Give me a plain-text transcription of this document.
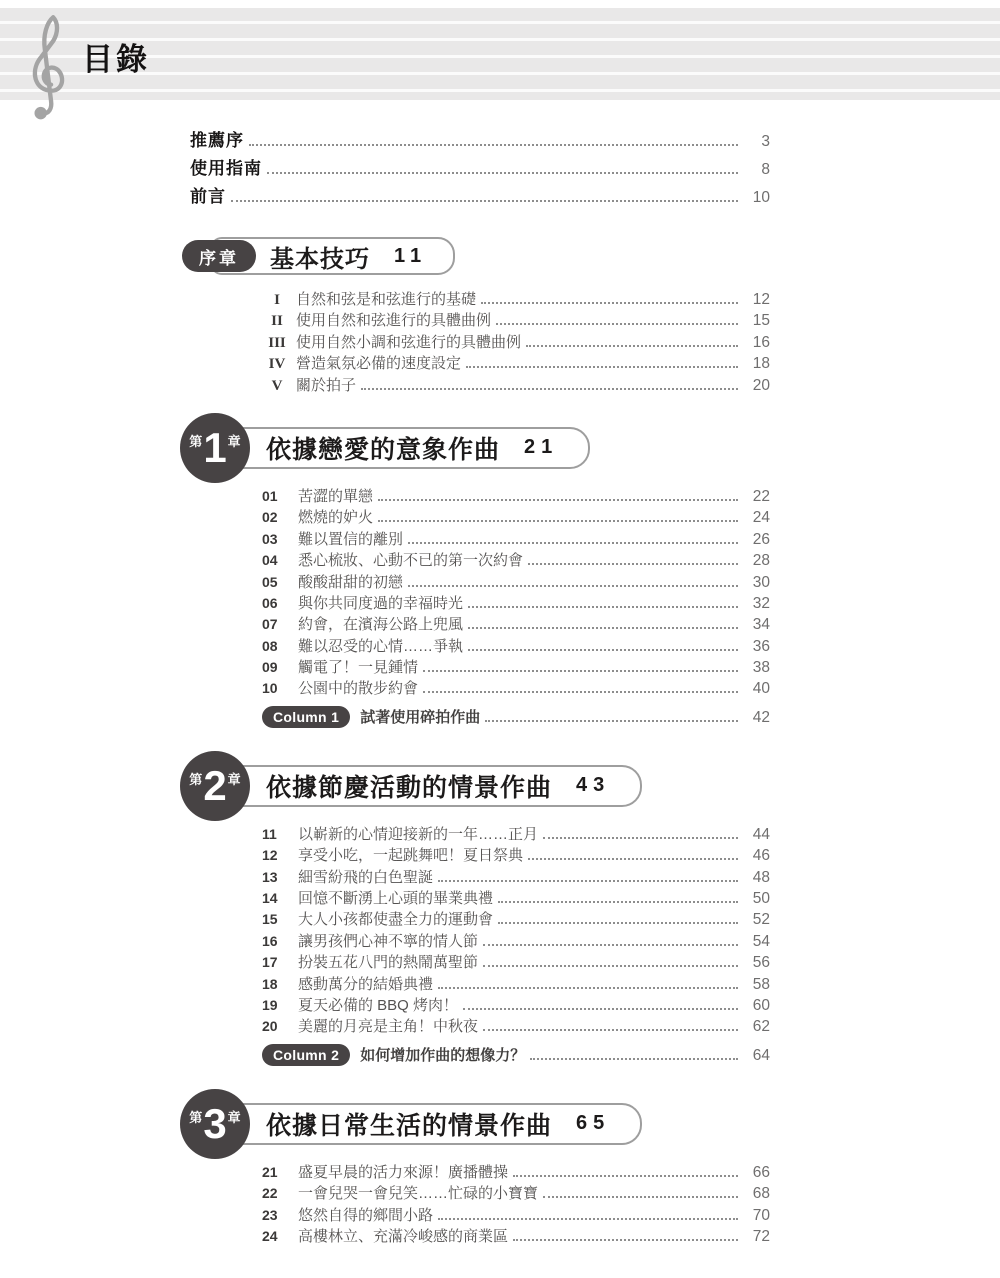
目錄
推薦序	3
使用指南	8
前言	10
序章	基本技巧 11
I	自然和弦是和弦進行的基礎	12
II 使用自然和弦進行的具體曲例	15
III 使用自然小調和弦進行的具體曲例	16
IV 營造氣氛必備的速度設定	18
V 關於拍子	20
第 1 章 依據戀愛的意象作曲 21
01	苦澀的單戀	22
02	燃燒的妒火	24
03	難以置信的離別	26
04	悉心梳妝、心動不已的第一次約會	28
05	酸酸甜甜的初戀	30
06	與你共同度過的幸福時光	32
07	約會，在濱海公路上兜風	34
08	難以忍受的心情……爭執	36
09	觸電了！一見鍾情	38
10	公園中的散步約會	40
Column 1	試著使用碎拍作曲	42
第 2 章 依據節慶活動的情景作曲 43
11	以嶄新的心情迎接新的一年……正月	44
12	享受小吃，一起跳舞吧！夏日祭典	46
13	細雪紛飛的白色聖誕	48
14	回憶不斷湧上心頭的畢業典禮	50
15	大人小孩都使盡全力的運動會	52
16	讓男孩們心神不寧的情人節	54
17	扮裝五花八門的熱鬧萬聖節	56
18	感動萬分的結婚典禮	58
19	夏天必備的 BBQ 烤肉！	60
20	美麗的月亮是主角！中秋夜	62
Column 2	如何增加作曲的想像力？	64
第 3 章 依據日常生活的情景作曲 65
21	盛夏早晨的活力來源！廣播體操	66
22	一會兒哭一會兒笑……忙碌的小寶寶	68
23	悠然自得的鄉間小路	70
24	高樓林立、充滿冷峻感的商業區	72
